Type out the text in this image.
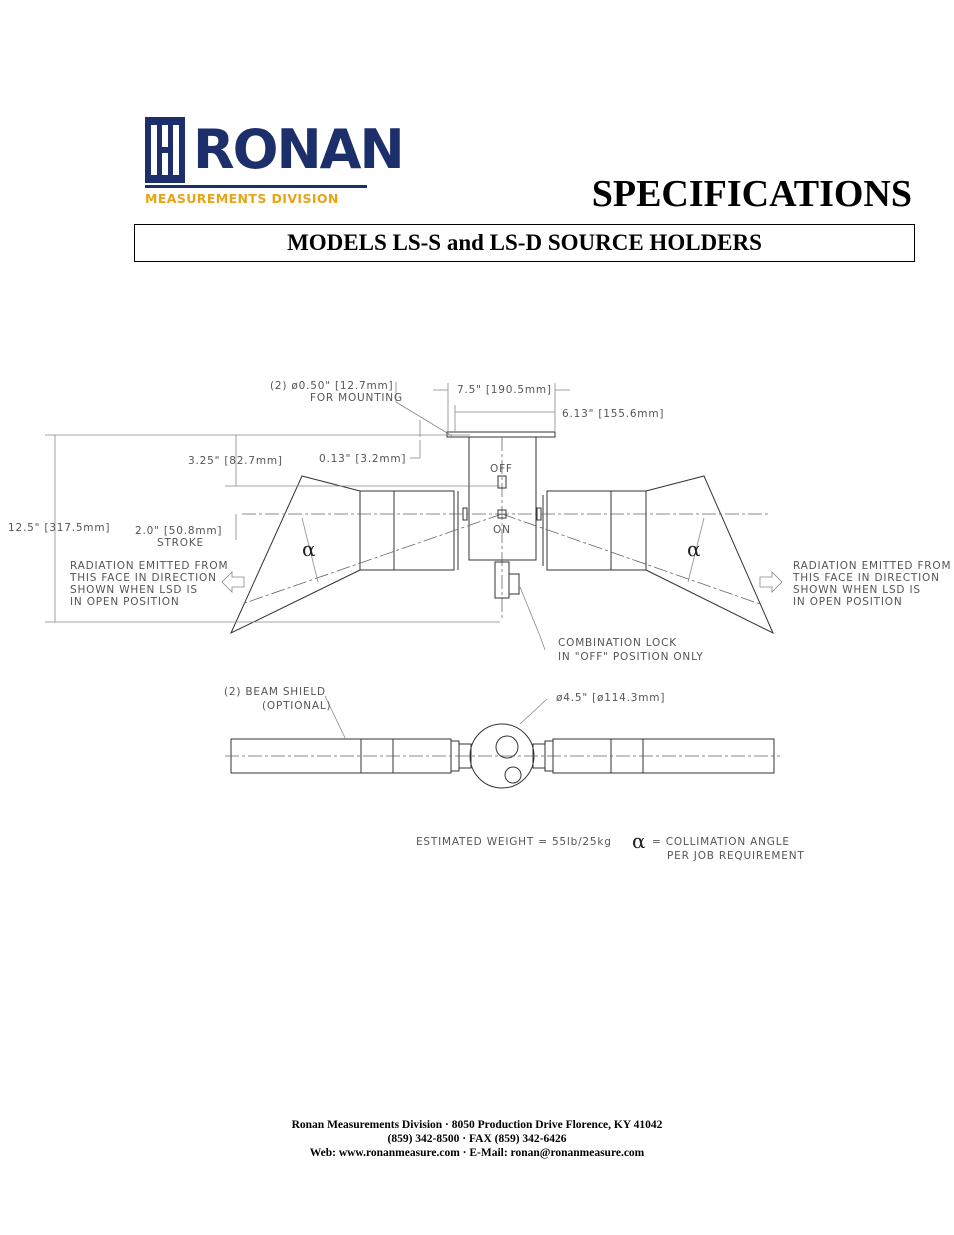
RONAN
MEASUREMENTS DIVISION	SPECIFICATIONS
MODELS LS-S and LS-D SOURCE HOLDERS
(2) ø0.50" [12.7mm]
FOR MOUNTING
7.5" [190.5mm]
6.13" [155.6mm]
3.25" [82.7mm]	0.13" [3.2mm]
12.5" [317.5mm] 2.0" [50.8mm]
STROKE
OFF
ON
α	α
RADIATION EMITTED FROM
THIS FACE IN DIRECTION
SHOWN WHEN LSD IS
IN OPEN POSITION
RADIATION EMITTED FROM
THIS FACE IN DIRECTION
SHOWN WHEN LSD IS
IN OPEN POSITION
COMBINATION LOCK
IN "OFF" POSITION ONLY
(2) BEAM SHIELD
(OPTIONAL)
ø4.5" [ø114.3mm]
ESTIMATED WEIGHT = 55lb/25kg α = COLLIMATION ANGLE
PER JOB REQUIREMENT
Ronan Measurements Division · 8050 Production Drive Florence, KY 41042
(859) 342-8500 · FAX (859) 342-6426
Web: www.ronanmeasure.com · E-Mail: ronan@ronanmeasure.com
